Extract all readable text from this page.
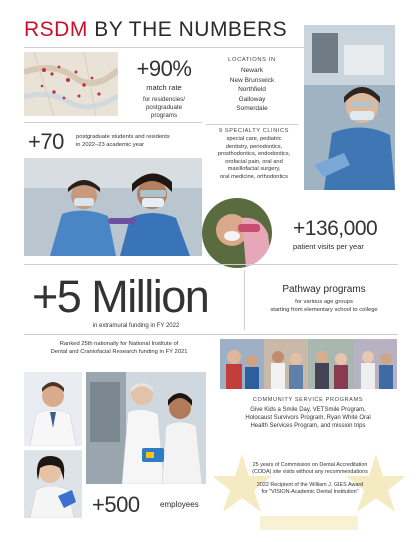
RSDM BY THE NUMBERS
+90%
match rate
for residencies/
postgraduate
programs
LOCATIONS IN
Newark
New Brunswick
Northfield
Galloway
Somerdale
+70 postgraduate students and residents
in 2022–23 academic year
9 SPECIALTY CLINICS
special care, pediatric
dentistry, periodontics,
prosthodontics, endodontics,
orofacial pain, oral and
maxillofacial surgery,
oral medicine, orthodontics
+136,000
patient visits per year
+5 Million
in extramural funding in FY 2022
Pathway programs
for various age groups
starting from elementary school to college
Ranked 25th nationally for National Institute of
Dental and Craniofacial Research funding in FY 2021
COMMUNITY SERVICE PROGRAMS
Give Kids a Smile Day, VETSmile Program,
Holocaust Survivors Program, Ryan White Oral
Health Services Program, and mission trips
+500	employees
25 years of Commission on Dental Accreditation
(CODA) site visits without any recommendations
2022 Recipient of the William J. GIES Award
for "VISION-Academic Dental Institution"
